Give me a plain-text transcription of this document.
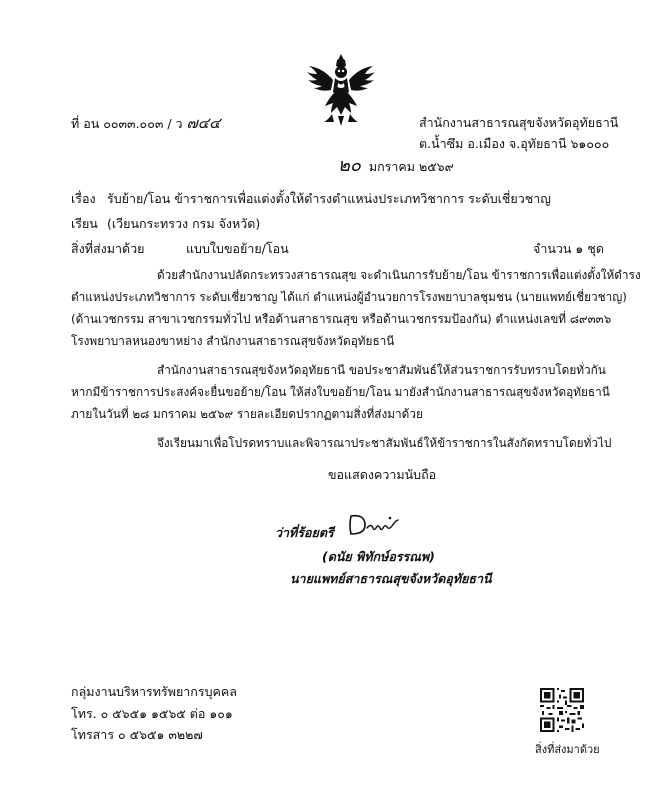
ที่ อน ๐๐๓๓.๐๐๓ / ว ๗๔๔	สำนักงานสาธารณสุขจังหวัดอุทัยธานี
ต.น้ำซึม อ.เมือง จ.อุทัยธานี ๖๑๐๐๐
๒๐ มกราคม ๒๕๖๙
เรื่อง รับย้าย/โอน ข้าราชการเพื่อแต่งตั้งให้ดำรงตำแหน่งประเภทวิชาการ ระดับเชี่ยวชาญ
เรียน (เวียนกระทรวง กรม จังหวัด)
สิ่งที่ส่งมาด้วย	แบบใบขอย้าย/โอน	จำนวน ๑ ชุด
ด้วยสำนักงานปลัดกระทรวงสาธารณสุข จะดำเนินการรับย้าย/โอน ข้าราชการเพื่อแต่งตั้งให้ดำรง
ตำแหน่งประเภทวิชาการ ระดับเชี่ยวชาญ ได้แก่ ตำแหน่งผู้อำนวยการโรงพยาบาลชุมชน (นายแพทย์เชี่ยวชาญ)
(ด้านเวชกรรม สาขาเวชกรรมทั่วไป หรือด้านสาธารณสุข หรือด้านเวชกรรมป้องกัน) ตำแหน่งเลขที่ ๘๙๓๓๖
โรงพยาบาลหนองขาหย่าง สำนักงานสาธารณสุขจังหวัดอุทัยธานี
สำนักงานสาธารณสุขจังหวัดอุทัยธานี ขอประชาสัมพันธ์ให้ส่วนราชการรับทราบโดยทั่วกัน
หากมีข้าราชการประสงค์จะยื่นขอย้าย/โอน ให้ส่งใบขอย้าย/โอน มายังสำนักงานสาธารณสุขจังหวัดอุทัยธานี
ภายในวันที่ ๒๘ มกราคม ๒๕๖๙ รายละเอียดปรากฏตามสิ่งที่ส่งมาด้วย
จึงเรียนมาเพื่อโปรดทราบและพิจารณาประชาสัมพันธ์ให้ข้าราชการในสังกัดทราบโดยทั่วไป
ขอแสดงความนับถือ
ว่าที่ร้อยตรี
(ดนัย พิทักษ์อรรณพ)
นายแพทย์สาธารณสุขจังหวัดอุทัยธานี
กลุ่มงานบริหารทรัพยากรบุคคล
โทร. ๐ ๕๖๕๑ ๑๕๖๕ ต่อ ๑๐๑
โทรสาร ๐ ๕๖๕๑ ๓๒๒๗
สิ่งที่ส่งมาด้วย
